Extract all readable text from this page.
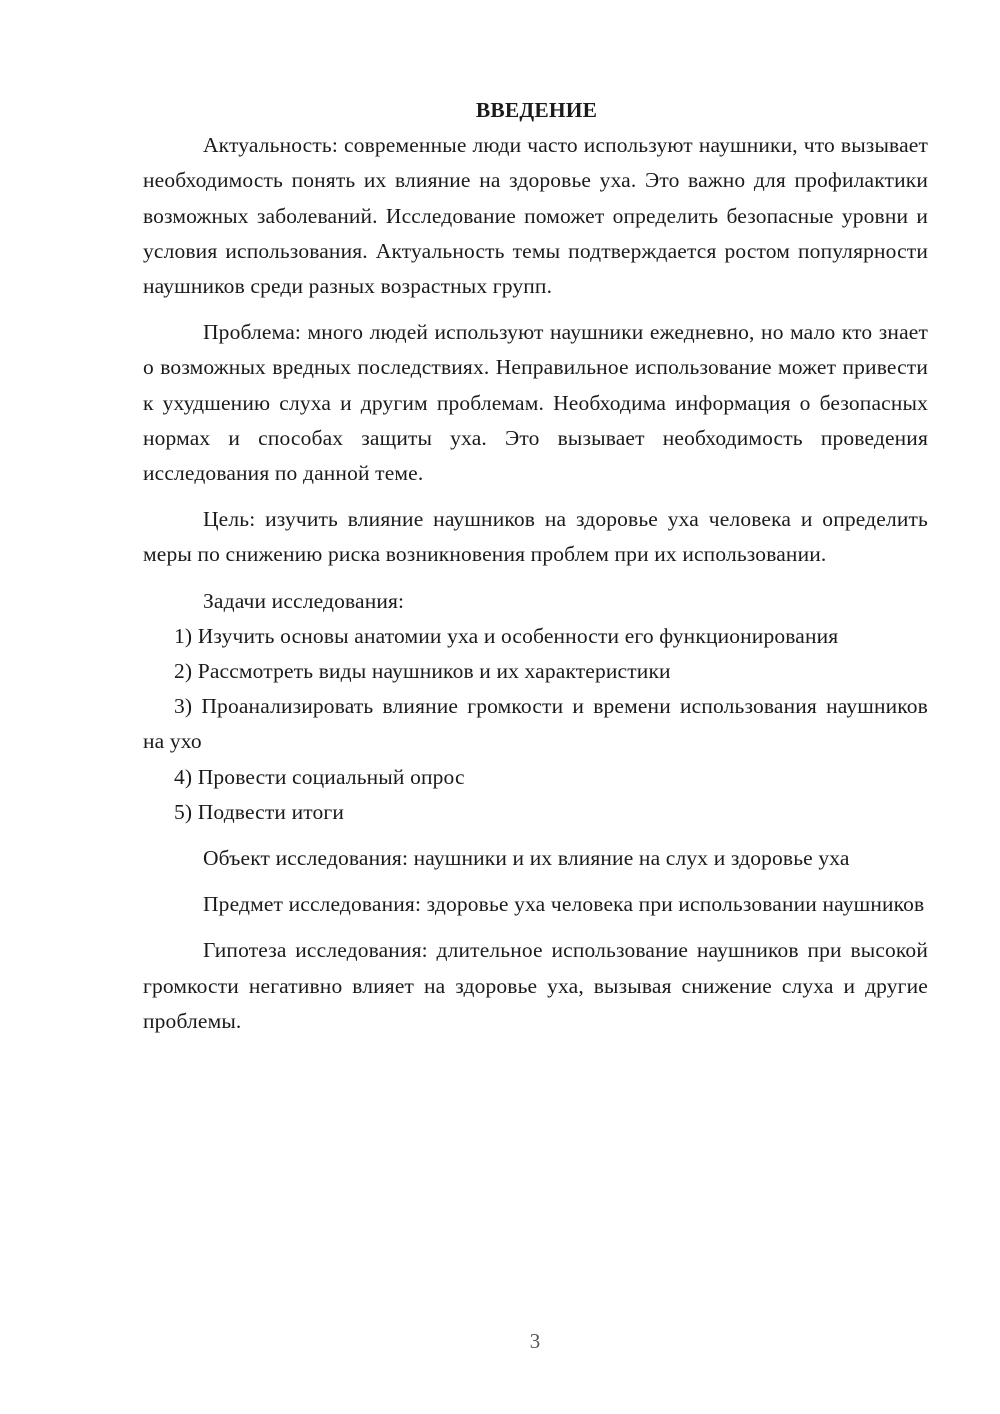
ВВЕДЕНИЕ

Актуальность: современные люди часто используют наушники, что вызывает необходимость понять их влияние на здоровье уха. Это важно для профилактики возможных заболеваний. Исследование поможет определить безопасные уровни и условия использования. Актуальность темы подтверждается ростом популярности наушников среди разных возрастных групп.

Проблема: много людей используют наушники ежедневно, но мало кто знает о возможных вредных последствиях. Неправильное использование может привести к ухудшению слуха и другим проблемам. Необходима информация о безопасных нормах и способах защиты уха. Это вызывает необходимость проведения исследования по данной теме.

Цель: изучить влияние наушников на здоровье уха человека и определить меры по снижению риска возникновения проблем при их использовании.

Задачи исследования:

1) Изучить основы анатомии уха и особенности его функционирования

2) Рассмотреть виды наушников и их характеристики

3) Проанализировать влияние громкости и времени использования наушников на ухо

4) Провести социальный опрос

5) Подвести итоги

Объект исследования: наушники и их влияние на слух и здоровье уха

Предмет исследования: здоровье уха человека при использовании наушников

Гипотеза исследования: длительное использование наушников при высокой громкости негативно влияет на здоровье уха, вызывая снижение слуха и другие проблемы.

3
